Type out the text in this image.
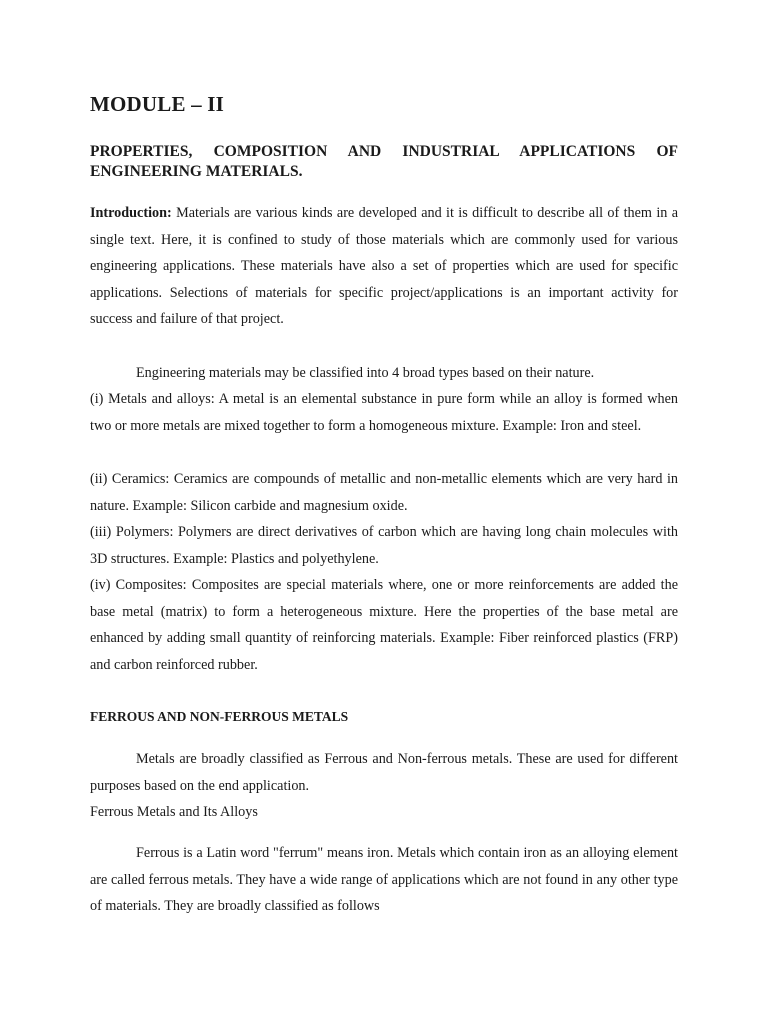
MODULE – II
PROPERTIES, COMPOSITION AND INDUSTRIAL APPLICATIONS OF ENGINEERING MATERIALS.

Introduction: Materials are various kinds are developed and it is difficult to describe all of them in a single text. Here, it is confined to study of those materials which are commonly used for various engineering applications. These materials have also a set of properties which are used for specific applications. Selections of materials for specific project/applications is an important activity for success and failure of that project.

Engineering materials may be classified into 4 broad types based on their nature.

(i) Metals and alloys: A metal is an elemental substance in pure form while an alloy is formed when two or more metals are mixed together to form a homogeneous mixture. Example: Iron and steel.

(ii) Ceramics: Ceramics are compounds of metallic and non-metallic elements which are very hard in nature. Example: Silicon carbide and magnesium oxide.

(iii) Polymers: Polymers are direct derivatives of carbon which are having long chain molecules with 3D structures. Example: Plastics and polyethylene.

(iv) Composites: Composites are special materials where, one or more reinforcements are added the base metal (matrix) to form a heterogeneous mixture. Here the properties of the base metal are enhanced by adding small quantity of reinforcing materials. Example: Fiber reinforced plastics (FRP) and carbon reinforced rubber.

FERROUS AND NON-FERROUS METALS

Metals are broadly classified as Ferrous and Non-ferrous metals. These are used for different purposes based on the end application.

Ferrous Metals and Its Alloys

Ferrous is a Latin word "ferrum" means iron. Metals which contain iron as an alloying element are called ferrous metals. They have a wide range of applications which are not found in any other type of materials. They are broadly classified as follows
